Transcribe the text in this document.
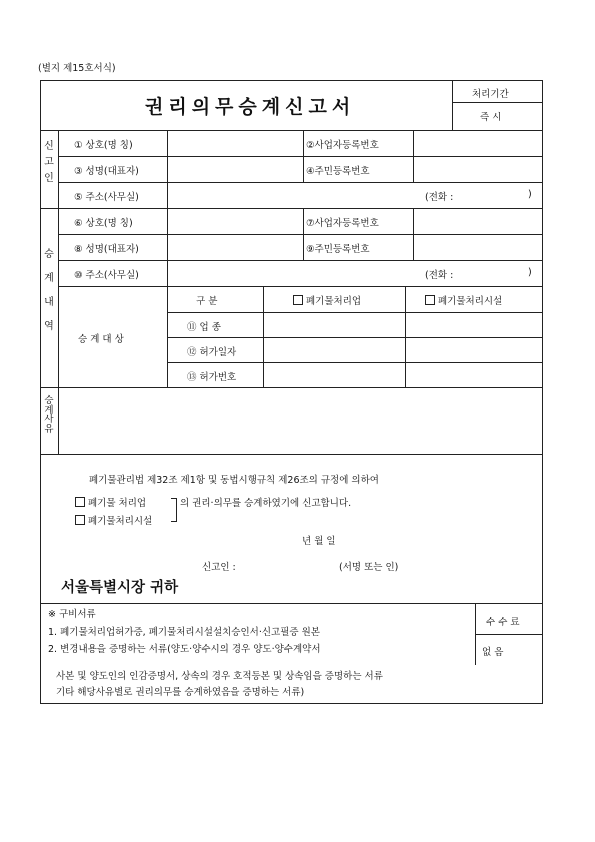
(별지 제15호서식)
권리의무승계신고서
처리기간
즉 시
신
고
인
① 상호(명 칭)	②사업자등록번호
③ 성명(대표자)	④주민등록번호
⑤ 주소(사무실)	(전화 :	)
승
계
내
역
⑥ 상호(명 칭)	⑦사업자등록번호
⑧ 성명(대표자)	⑨주민등록번호
⑩ 주소(사무실)	(전화 :	)
승 계 대 상
구 분	폐기물처리업	폐기물처리시설
⑪ 업 종
⑫ 허가일자
⑬ 허가번호
승
계
사
유
폐기물관리법 제32조 제1항 및 동법시행규칙 제26조의 규정에 의하여
폐기물 처리업
폐기물처리시설
의 권리·의무를 승계하였기에 신고합니다.
년 월 일
신고인 :	(서명 또는 인)
서울특별시장 귀하
※ 구비서류
1. 폐기물처리업허가증, 폐기물처리시설설치승인서·신고필증 원본
2. 변경내용을 증명하는 서류(양도·양수시의 경우 양도·양수계약서
사본 및 양도인의 인감증명서, 상속의 경우 호적등본 및 상속임을 증명하는 서류
기타 해당사유별로 권리의무를 승계하였음을 증명하는 서류)
수 수 료
없 음
